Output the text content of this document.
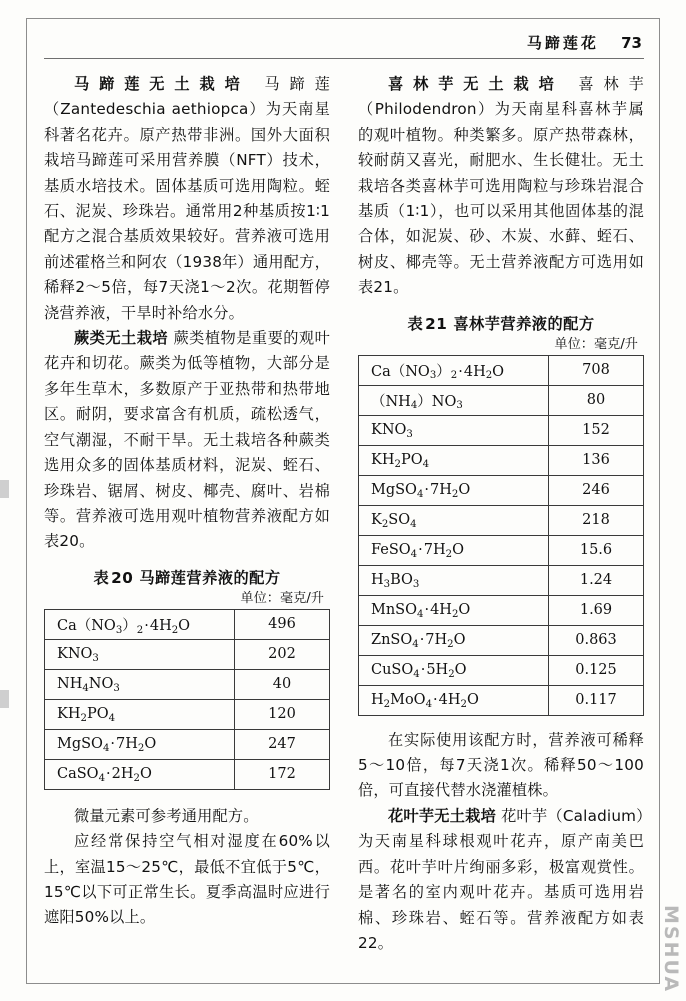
马蹄莲花 73

马蹄莲无土栽培 马蹄莲（Zantedeschia aethiopca）为天南星科著名花卉。原产热带非洲。国外大面积栽培马蹄莲可采用营养膜（NFT）技术，基质水培技术。固体基质可选用陶粒。蛭石、泥炭、珍珠岩。通常用2种基质按1∶1配方之混合基质效果较好。营养液可选用前述霍格兰和阿农（1938年）通用配方，稀释2～5倍，每7天浇1～2次。花期暂停浇营养液，干旱时补给水分。

蕨类无土栽培 蕨类植物是重要的观叶花卉和切花。蕨类为低等植物，大部分是多年生草木，多数原产于亚热带和热带地区。耐阴，要求富含有机质，疏松透气，空气潮湿，不耐干旱。无土栽培各种蕨类选用众多的固体基质材料，泥炭、蛭石、珍珠岩、锯屑、树皮、椰壳、腐叶、岩棉等。营养液可选用观叶植物营养液配方如表20。

表 20 马蹄莲营养液的配方
单位：毫克/升
$Ca(NO_3)_2\cdot 4H_2O$	496
$KNO_3$	202
$NH_4NO_3$	40
$KH_2PO_4$	120
$MgSO_4\cdot 7H_2O$	247
$CaSO_4\cdot 2H_2O$	172

微量元素可参考通用配方。

应经常保持空气相对湿度在60%以上，室温15～25℃，最低不宜低于5℃，15℃以下可正常生长。夏季高温时应进行遮阳50%以上。

喜林芋无土栽培 喜林芋（Philodendron）为天南星科喜林芋属的观叶植物。种类繁多。原产热带森林，较耐荫又喜光，耐肥水、生长健壮。无土栽培各类喜林芋可选用陶粒与珍珠岩混合基质（1∶1），也可以采用其他固体基的混合体，如泥炭、砂、木炭、水藓、蛭石、树皮、椰壳等。无土营养液配方可选用如表21。

表 21 喜林芋营养液的配方
单位：毫克/升
$Ca(NO_3)_2\cdot 4H_2O$	708
$(NH_4)NO_3$	80
$KNO_3$	152
$KH_2PO_4$	136
$MgSO_4\cdot 7H_2O$	246
$K_2SO_4$	218
$FeSO_4\cdot 7H_2O$	15.6
$H_3BO_3$	1.24
$MnSO_4\cdot 4H_2O$	1.69
$ZnSO_4\cdot 7H_2O$	0.863
$CuSO_4\cdot 5H_2O$	0.125
$H_2MoO_4\cdot 4H_2O$	0.117

在实际使用该配方时，营养液可稀释5～10倍，每7天浇1次。稀释50～100倍，可直接代替水浇灌植株。

花叶芋无土栽培 花叶芋（Caladium）为天南星科球根观叶花卉，原产南美巴西。花叶芋叶片绚丽多彩，极富观赏性。是著名的室内观叶花卉。基质可选用岩棉、珍珠岩、蛭石等。营养液配方如表22。	MSHUA
